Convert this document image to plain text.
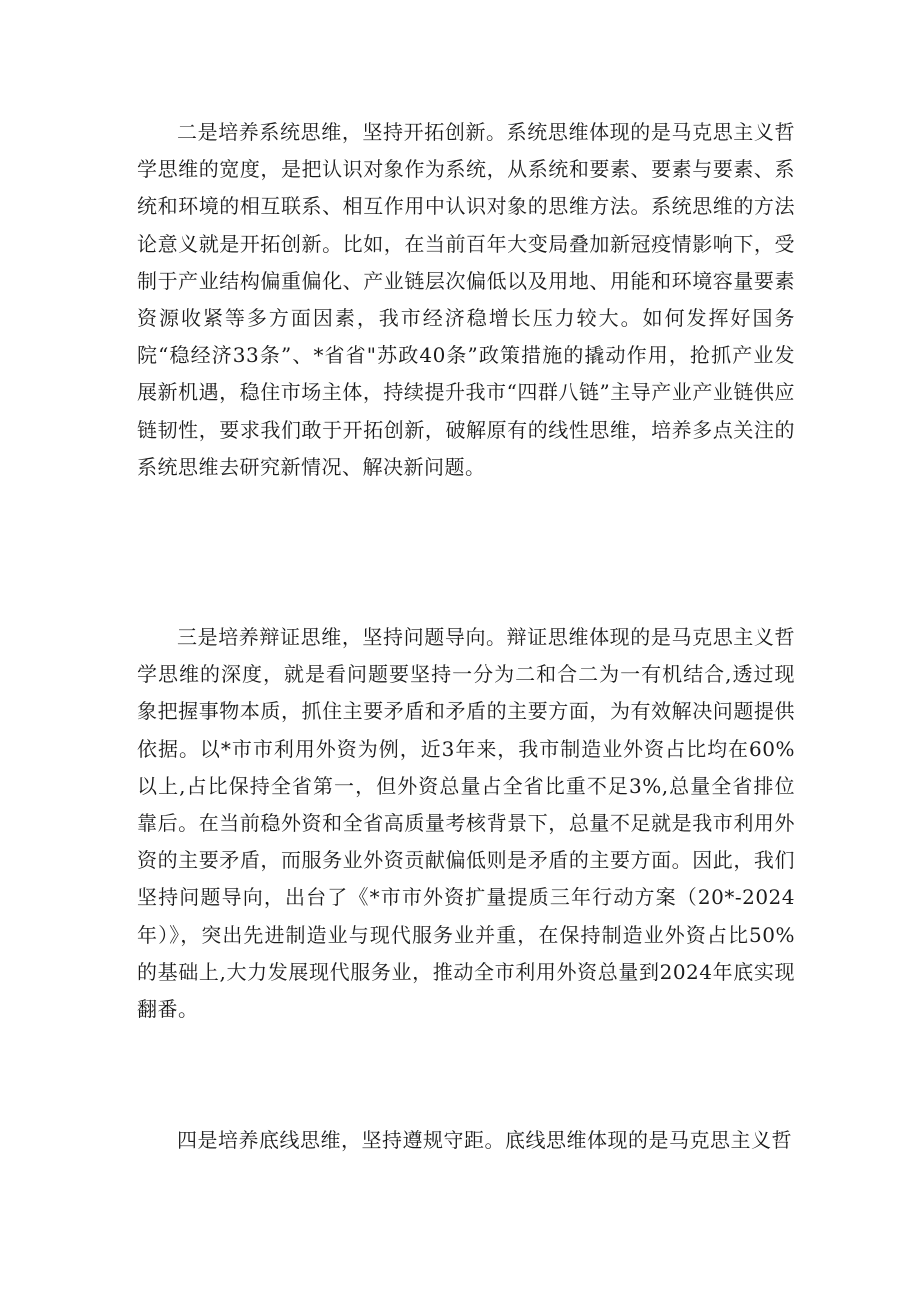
二是培养系统思维，坚持开拓创新。系统思维体现的是马克思主义哲学思维的宽度，是把认识对象作为系统，从系统和要素、要素与要素、系统和环境的相互联系、相互作用中认识对象的思维方法。系统思维的方法论意义就是开拓创新。比如，在当前百年大变局叠加新冠疫情影响下，受制于产业结构偏重偏化、产业链层次偏低以及用地、用能和环境容量要素资源收紧等多方面因素，我市经济稳增长压力较大。如何发挥好国务院“稳经济33条”、*省省"苏政40条”政策措施的撬动作用，抢抓产业发展新机遇，稳住市场主体，持续提升我市“四群八链”主导产业产业链供应链韧性，要求我们敢于开拓创新，破解原有的线性思维，培养多点关注的系统思维去研究新情况、解决新问题。

三是培养辩证思维，坚持问题导向。辩证思维体现的是马克思主义哲学思维的深度，就是看问题要坚持一分为二和合二为一有机结合,透过现象把握事物本质，抓住主要矛盾和矛盾的主要方面，为有效解决问题提供依据。以*市市利用外资为例，近3年来，我市制造业外资占比均在60%以上,占比保持全省第一，但外资总量占全省比重不足3%,总量全省排位靠后。在当前稳外资和全省高质量考核背景下，总量不足就是我市利用外资的主要矛盾，而服务业外资贡献偏低则是矛盾的主要方面。因此，我们坚持问题导向，出台了《*市市外资扩量提质三年行动方案（20*-2024年）》，突出先进制造业与现代服务业并重，在保持制造业外资占比50%的基础上,大力发展现代服务业，推动全市利用外资总量到2024年底实现翻番。

四是培养底线思维，坚持遵规守距。底线思维体现的是马克思主义哲
